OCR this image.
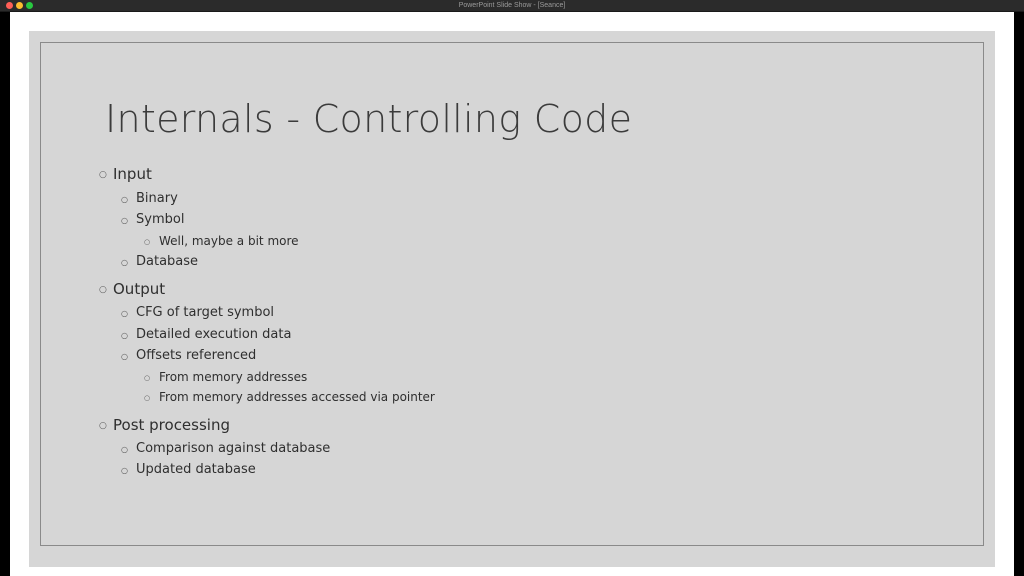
PowerPoint Slide Show - [Seance]
Internals - Controlling Code
○ Input
○ Binary
○ Symbol
○ Well, maybe a bit more
○ Database
○ Output
○ CFG of target symbol
○ Detailed execution data
○ Offsets referenced
○ From memory addresses
○ From memory addresses accessed via pointer
○ Post processing
○ Comparison against database
○ Updated database
